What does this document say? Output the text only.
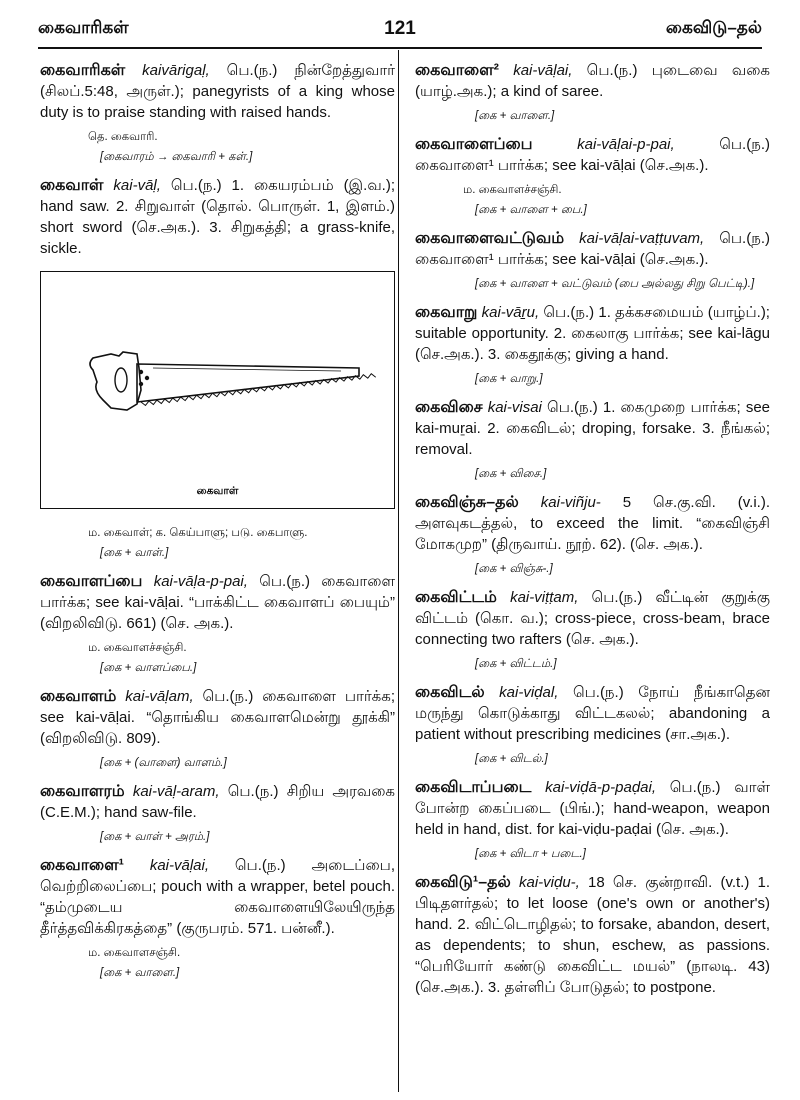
கைவாரிகள்	121	கைவிடு–தல்
கைவாரிகள் kaivārigaḷ, பெ.(ந.) நின்றேத்துவார் (சிலப்.5:48, அருள்.); panegyrists of a king whose duty is to praise standing with raised hands.
தெ. கைவாரி.
[கைவாரம் → கைவாரி + கள்.]
கைவாள் kai-vāḷ, பெ.(ந.) 1. கையரம்பம் (இ.வ.); hand saw. 2. சிறுவாள் (தொல். பொருள். 1, இளம்.) short sword (செ.அக.). 3. சிறுகத்தி; a grass-knife, sickle.
கைவாள்
ம. கைவாள்; க. கெய்பாளு; படு. கைபாளு.
[கை + வாள்.]
கைவாளப்பை kai-vāḷa-p-pai, பெ.(ந.) கைவாளை பார்க்க; see kai-vāḷai. “பாக்கிட்ட கைவாளப் பையும்” (விறலிவிடு. 661) (செ. அக.).
ம. கைவாளச்சஞ்சி.
[கை + வாளப்பை.]
கைவாளம் kai-vāḷam, பெ.(ந.) கைவாளை பார்க்க; see kai-vāḷai. “தொங்கிய கைவாளமென்று தூக்கி” (விறலிவிடு. 809).
[கை + (வாளை) வாளம்.]
கைவாளரம் kai-vāḷ-aram, பெ.(ந.) சிறிய அரவகை (C.E.M.); hand saw-file.
[கை + வாள் + அரம்.]
கைவாளை¹ kai-vāḷai, பெ.(ந.) அடைப்பை, வெற்றிலைப்பை; pouch with a wrapper, betel pouch. “தம்முடைய கைவாளையிலேயிருந்த தீர்த்தவிக்கிரகத்தை” (குருபரம். 571. பன்னீ.).
ம. கைவாளசஞ்சி.
[கை + வாளை.]
கைவாளை² kai-vāḷai, பெ.(ந.) புடைவை வகை (யாழ்.அக.); a kind of saree.
[கை + வாளை.]
கைவாளைப்பை	kai-vāḷai-p-pai,	பெ.(ந.) கைவாளை¹ பார்க்க; see kai-vāḷai (செ.அக.).
ம. கைவாளச்சஞ்சி.
[கை + வாளை + பை.]
கைவாளைவட்டுவம் kai-vāḷai-vaṭṭuvam, பெ.(ந.) கைவாளை¹ பார்க்க; see kai-vāḷai (செ.அக.).
[கை + வாளை + வட்டுவம் (பை அல்லது சிறு பெட்டி).]
கைவாறு kai-vāṟu, பெ.(ந.) 1. தக்கசமையம் (யாழ்ப்.); suitable opportunity. 2. கைலாகு பார்க்க; see kai-lāgu (செ.அக.). 3. கைதூக்கு; giving a hand.
[கை + வாறு.]
கைவிசை kai-visai பெ.(ந.) 1. கைமுறை பார்க்க; see kai-muṟai. 2. கைவிடல்; droping, forsake. 3. நீங்கல்; removal.
[கை + விசை.]
கைவிஞ்சு–தல் kai-viñju- 5 செ.கு.வி. (v.i.). அளவுகடத்தல், to exceed the limit. “கைவிஞ்சி மோகமுற” (திருவாய். நூற். 62). (செ. அக.).
[கை + விஞ்சு-.]
கைவிட்டம் kai-viṭṭam, பெ.(ந.) வீட்டின் குறுக்கு விட்டம் (கொ. வ.); cross-piece, cross-beam, brace connecting two rafters (செ. அக.).
[கை + விட்டம்.]
கைவிடல் kai-viḍal, பெ.(ந.) நோய் நீங்காதென மருந்து கொடுக்காது விட்டகலல்; abandoning a patient without prescribing medicines (சா.அக.).
[கை + விடல்.]
கைவிடாப்படை kai-viḍā-p-paḍai, பெ.(ந.) வாள் போன்ற கைப்படை (பிங்.); hand-weapon, weapon held in hand, dist. for kai-viḍu-paḍai (செ. அக.).
[கை + விடா + படை.]
கைவிடு¹–தல் kai-viḍu-, 18 செ. குன்றாவி. (v.t.) 1. பிடிதளர்தல்; to let loose (one's own or another's) hand. 2. விட்டொழிதல்; to forsake, abandon, desert, as dependents; to shun, eschew, as passions. “பெரியோர் கண்டு கைவிட்ட மயல்” (நாலடி. 43) (செ.அக.). 3. தள்ளிப் போடுதல்; to postpone.
